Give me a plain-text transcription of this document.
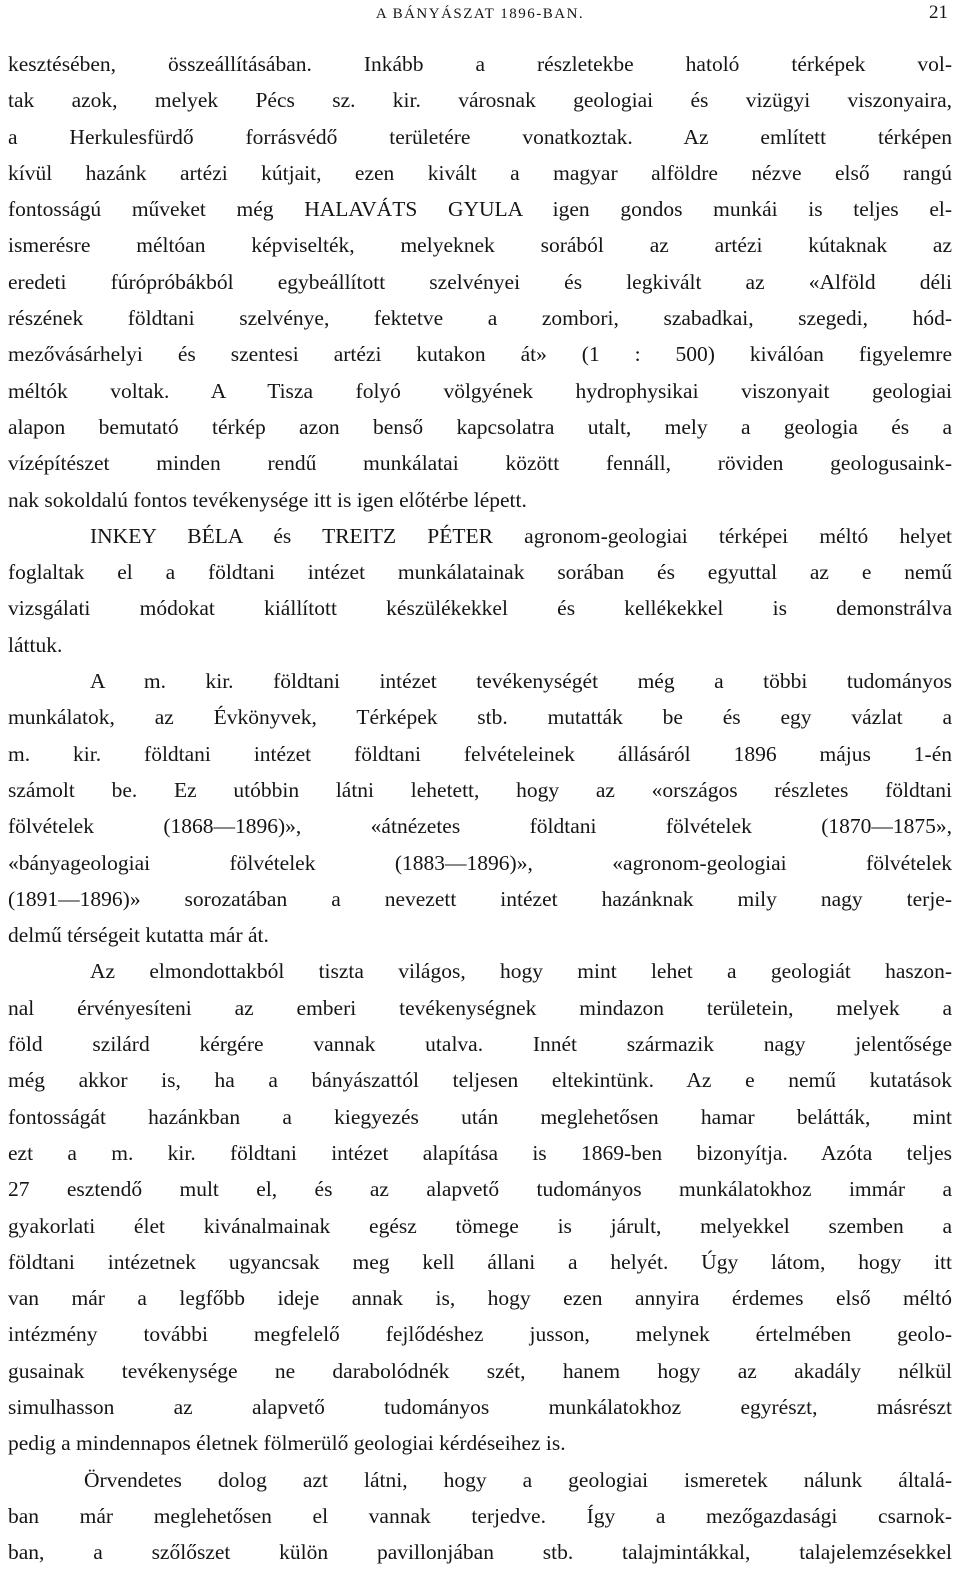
A BÁNYÁSZAT 1896-BAN.	21
kesztésében, összeállításában. Inkább a részletekbe hatoló térképek vol-
tak azok, melyek Pécs sz. kir. városnak geologiai és vizügyi viszonyaira,
a Herkulesfürdő forrásvédő területére vonatkoztak. Az említett térképen
kívül hazánk artézi kútjait, ezen kivált a magyar alföldre nézve első rangú
fontosságú műveket még HALAVÁTS GYULA igen gondos munkái is teljes el-
ismerésre méltóan képviselték, melyeknek sorából az artézi kútaknak az
eredeti fúrópróbákból egybeállított szelvényei és legkivált az «Alföld déli
részének földtani szelvénye, fektetve a zombori, szabadkai, szegedi, hód-
mezővásárhelyi és szentesi artézi kutakon át» (1 : 500) kiválóan figyelemre
méltók voltak. A Tisza folyó völgyének hydrophysikai viszonyait geologiai
alapon bemutató térkép azon benső kapcsolatra utalt, mely a geologia és a
vízépítészet minden rendű munkálatai között fennáll, röviden geologusaink-
nak sokoldalú fontos tevékenysége itt is igen előtérbe lépett.
INKEY BÉLA és TREITZ PÉTER agronom-geologiai térképei méltó helyet
foglaltak el a földtani intézet munkálatainak sorában és egyuttal az e nemű
vizsgálati módokat kiállított készülékekkel és kellékekkel is demonstrálva
láttuk.
A m. kir. földtani intézet tevékenységét még a többi tudományos
munkálatok, az Évkönyvek, Térképek stb. mutatták be és egy vázlat a
m. kir. földtani intézet földtani felvételeinek állásáról 1896 május 1-én
számolt be. Ez utóbbin látni lehetett, hogy az «országos részletes földtani
fölvételek (1868—1896)», «átnézetes földtani fölvételek (1870—1875»,
«bányageologiai fölvételek (1883—1896)», «agronom-geologiai fölvételek
(1891—1896)» sorozatában a nevezett intézet hazánknak mily nagy terje-
delmű térségeit kutatta már át.
Az elmondottakból tiszta világos, hogy mint lehet a geologiát haszon-
nal érvényesíteni az emberi tevékenységnek mindazon területein, melyek a
föld szilárd kérgére vannak utalva. Innét származik nagy jelentősége
még akkor is, ha a bányászattól teljesen eltekintünk. Az e nemű kutatások
fontosságát hazánkban a kiegyezés után meglehetősen hamar belátták, mint
ezt a m. kir. földtani intézet alapítása is 1869-ben bizonyítja. Azóta teljes
27 esztendő mult el, és az alapvető tudományos munkálatokhoz immár a
gyakorlati élet kivánalmainak egész tömege is járult, melyekkel szemben a
földtani intézetnek ugyancsak meg kell állani a helyét. Úgy látom, hogy itt
van már a legfőbb ideje annak is, hogy ezen annyira érdemes első méltó
intézmény további megfelelő fejlődéshez jusson, melynek értelmében geolo-
gusainak tevékenysége ne darabolódnék szét, hanem hogy az akadály nélkül
simulhasson az alapvető tudományos munkálatokhoz egyrészt, másrészt
pedig a mindennapos életnek fölmerülő geologiai kérdéseihez is.
Örvendetes dolog azt látni, hogy a geologiai ismeretek nálunk általá-
ban már meglehetősen el vannak terjedve. Így a mezőgazdasági csarnok-
ban, a szőlőszet külön pavillonjában stb. talajmintákkal, talajelemzésekkel
